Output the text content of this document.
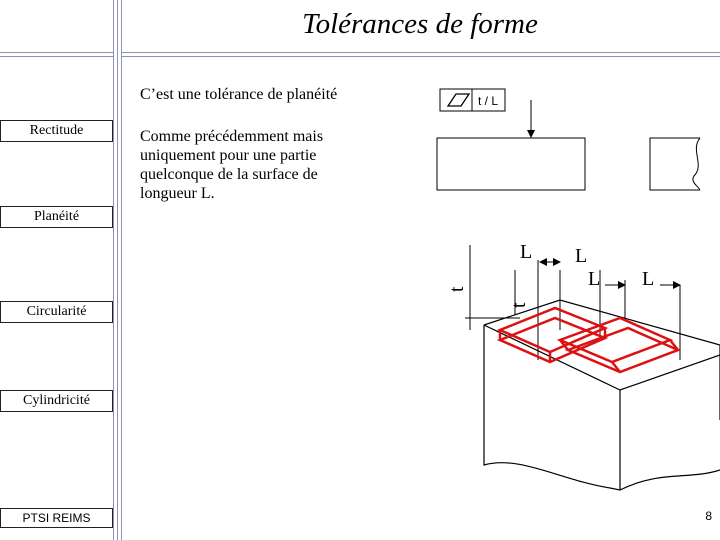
Tolérances de forme
C’est une tolérance de planéité
Comme précédemment mais
uniquement pour une partie
quelconque de la surface de
longueur L.
Rectitude
Planéité
Circularité
Cylindricité
t / L
t
t
L L
L L
PTSI REIMS	8
